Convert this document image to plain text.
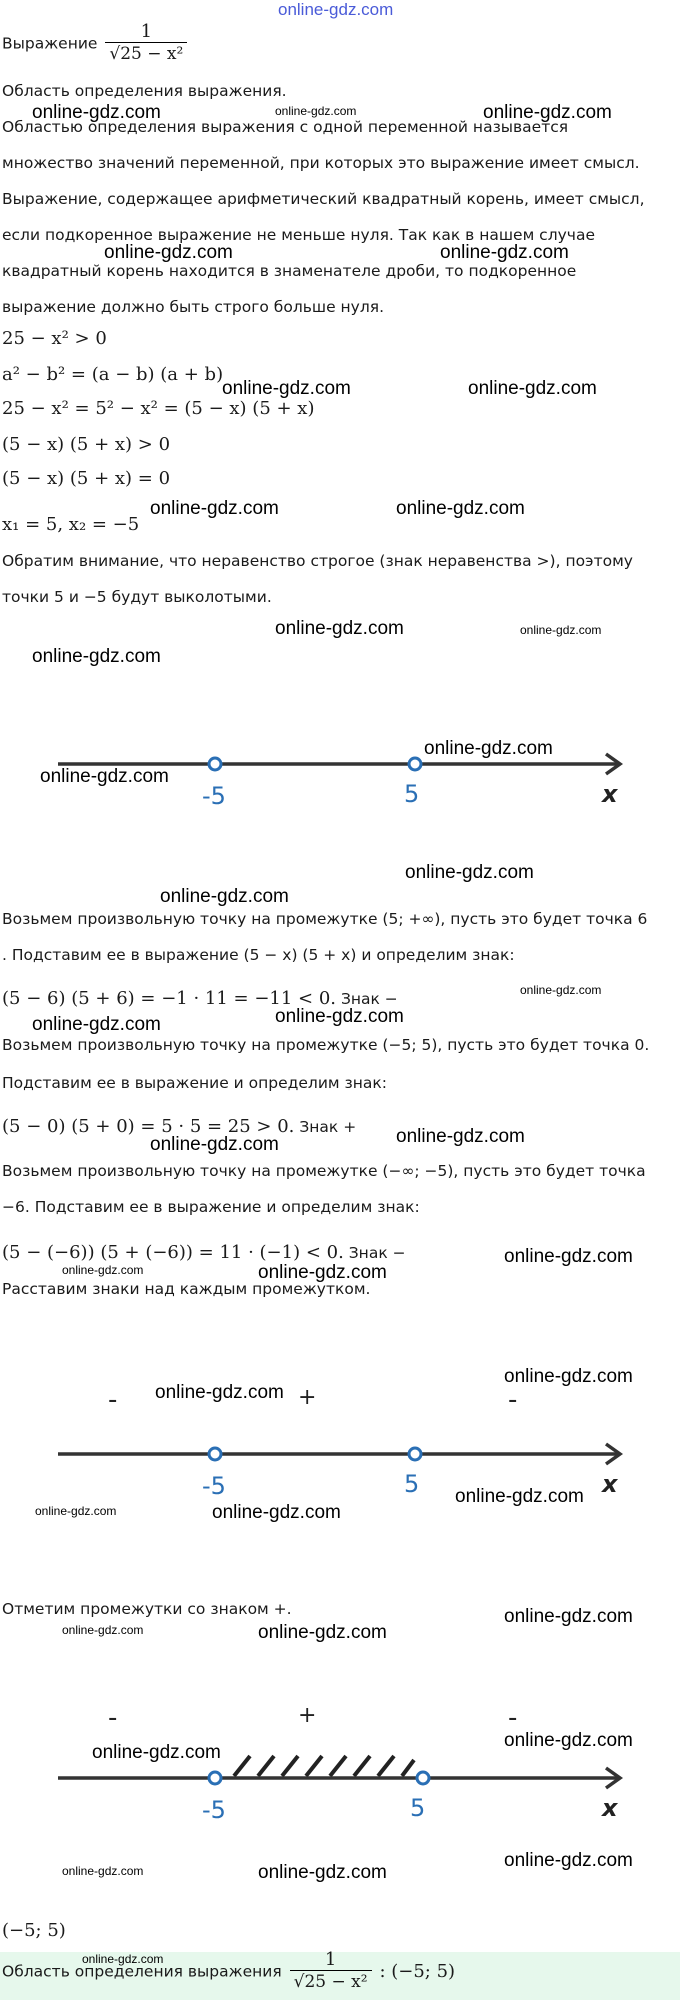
online-gdz.com
Выражение $\frac{1}{\text{√25 − x²}}$
Область определения выражения.
Областью определения выражения с одной переменной называется
множество значений переменной, при которых это выражение имеет смысл.
Выражение, содержащее арифметический квадратный корень, имеет смысл,
если подкоренное выражение не меньше нуля. Так как в нашем случае
квадратный корень находится в знаменателе дроби, то подкоренное
выражение должно быть строго больше нуля.
25 − x² > 0
a² − b² = (a − b) (a + b)
25 − x² = 5² − x² = (5 − x) (5 + x)
(5 − x) (5 + x) > 0
(5 − x) (5 + x) = 0
x₁ = 5, x₂ = −5
Обратим внимание, что неравенство строгое (знак неравенства >), поэтому
точки 5 и −5 будут выколотыми.
-5	5	x
Возьмем произвольную точку на промежутке (5; +∞), пусть это будет точка 6
. Подставим ее в выражение (5 − x) (5 + x) и определим знак:
(5 − 6) (5 + 6) = −1 · 11 = −11 < 0. Знак −
Возьмем произвольную точку на промежутке (−5; 5), пусть это будет точка 0.
Подставим ее в выражение и определим знак:
(5 − 0) (5 + 0) = 5 · 5 = 25 > 0. Знак +
Возьмем произвольную точку на промежутке (−∞; −5), пусть это будет точка
−6. Подставим ее в выражение и определим знак:
(5 − (−6)) (5 + (−6)) = 11 · (−1) < 0. Знак −
Расставим знаки над каждым промежутком.
-	+	-
-5	5	x
Отметим промежутки со знаком +.
-	+	-
-5	5	x
(−5; 5)
Область определения выражения $\frac{1}{\text{√25 − x²}}$ : (−5; 5)
online-gdz.com	online-gdz.com	online-gdz.com
online-gdz.com	online-gdz.com
online-gdz.com	online-gdz.com
online-gdz.com	online-gdz.com
online-gdz.com	online-gdz.com
online-gdz.com
online-gdz.com
online-gdz.com
online-gdz.com
online-gdz.com
online-gdz.com
online-gdz.com
online-gdz.com
online-gdz.com
online-gdz.com
online-gdz.com
online-gdz.com	online-gdz.com
online-gdz.com
online-gdz.com
online-gdz.com
online-gdz.com	online-gdz.com
online-gdz.com
online-gdz.com	online-gdz.com
online-gdz.com
online-gdz.com
online-gdz.com
online-gdz.com	online-gdz.com
online-gdz.com
